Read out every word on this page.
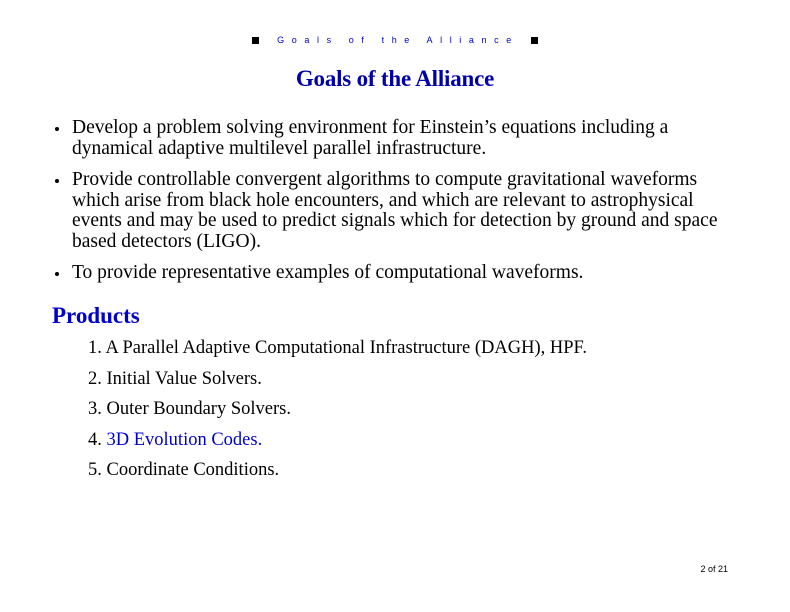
Goals of the Alliance
Goals of the Alliance
Develop a problem solving environment for Einstein’s equations including a dynamical adaptive multilevel parallel infrastructure.
Provide controllable convergent algorithms to compute gravitational waveforms which arise from black hole encounters, and which are relevant to astrophysical events and may be used to predict signals which for detection by ground and space based detectors (LIGO).
To provide representative examples of computational waveforms.
Products
1. A Parallel Adaptive Computational Infrastructure (DAGH), HPF.
2. Initial Value Solvers.
3. Outer Boundary Solvers.
4. 3D Evolution Codes.
5. Coordinate Conditions.
2 of 21
